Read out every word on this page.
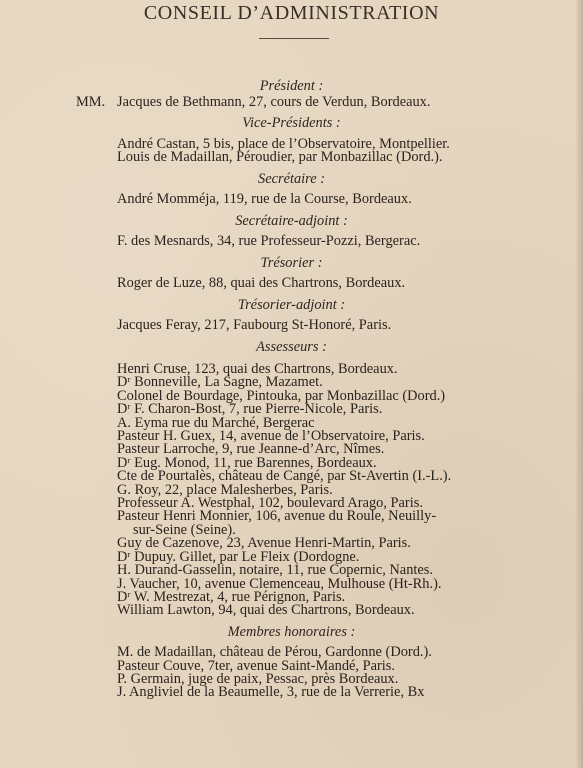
CONSEIL D’ADMINISTRATION
Président :
MM. Jacques de Bethmann, 27, cours de Verdun, Bordeaux.
Vice-Présidents :
André Castan, 5 bis, place de l’Observatoire, Montpellier.
Louis de Madaillan, Péroudier, par Monbazillac (Dord.).
Secrétaire :
André Momméja, 119, rue de la Course, Bordeaux.
Secrétaire-adjoint :
F. des Mesnards, 34, rue Professeur-Pozzi, Bergerac.
Trésorier :
Roger de Luze, 88, quai des Chartrons, Bordeaux.
Trésorier-adjoint :
Jacques Feray, 217, Faubourg St-Honoré, Paris.
Assesseurs :
Henri Cruse, 123, quai des Chartrons, Bordeaux.
Dʳ Bonneville, La Sagne, Mazamet.
Colonel de Bourdage, Pintouka, par Monbazillac (Dord.)
Dʳ F. Charon-Bost, 7, rue Pierre-Nicole, Paris.
A. Eyma rue du Marché, Bergerac
Pasteur H. Guex, 14, avenue de l’Observatoire, Paris.
Pasteur Larroche, 9, rue Jeanne-d’Arc, Nîmes.
Dʳ Eug. Monod, 11, rue Barennes, Bordeaux.
Cte de Pourtalès, château de Cangé, par St-Avertin (I.-L.).
G. Roy, 22, place Malesherbes, Paris.
Professeur A. Westphal, 102, boulevard Arago, Paris.
Pasteur Henri Monnier, 106, avenue du Roule, Neuilly-
sur-Seine (Seine).
Guy de Cazenove, 23, Avenue Henri-Martin, Paris.
Dʳ Dupuy. Gillet, par Le Fleix (Dordogne.
H. Durand-Gasselin, notaire, 11, rue Copernic, Nantes.
J. Vaucher, 10, avenue Clemenceau, Mulhouse (Ht-Rh.).
Dʳ W. Mestrezat, 4, rue Pérignon, Paris.
William Lawton, 94, quai des Chartrons, Bordeaux.
Membres honoraires :
M. de Madaillan, château de Pérou, Gardonne (Dord.).
Pasteur Couve, 7ter, avenue Saint-Mandé, Paris.
P. Germain, juge de paix, Pessac, près Bordeaux.
J. Angliviel de la Beaumelle, 3, rue de la Verrerie, Bx
